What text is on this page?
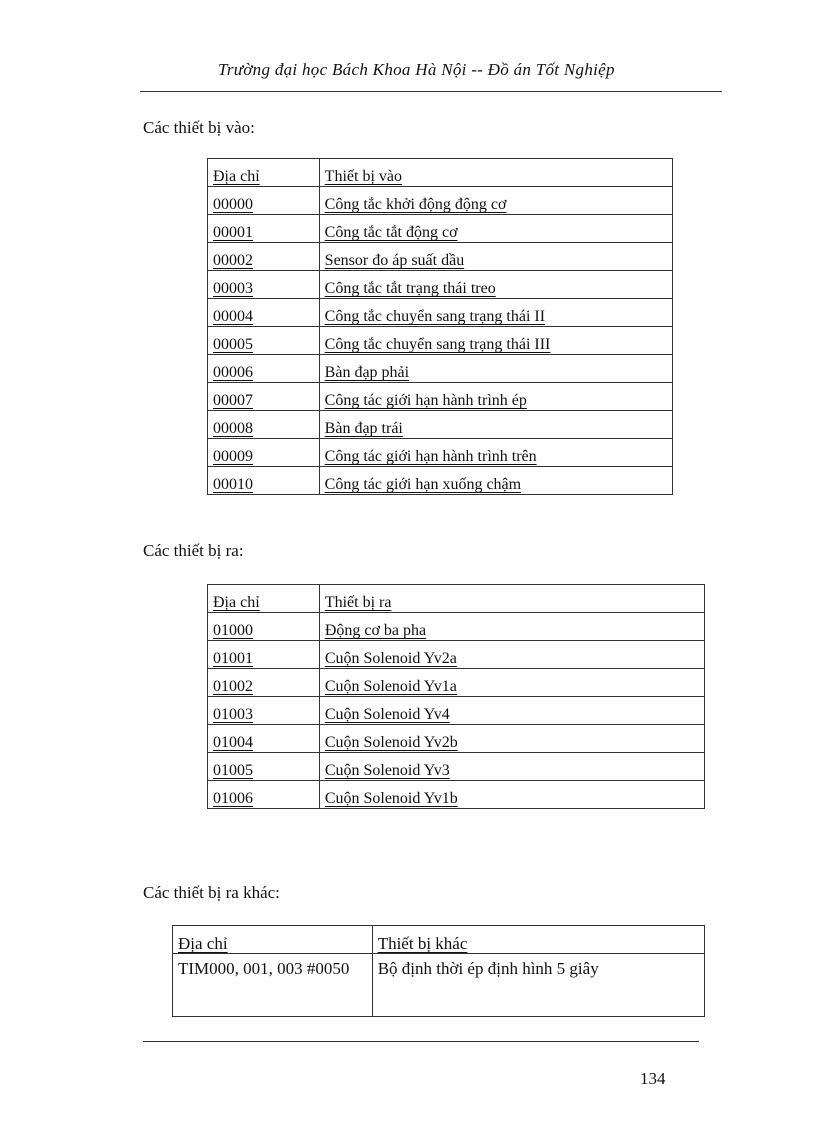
Trường đại học Bách Khoa Hà Nội -- Đồ án Tốt Nghiệp
Các thiết bị vào:
Địa chỉ	Thiết bị vào
00000	Công tắc khởi động động cơ
00001	Công tắc tắt động cơ
00002	Sensor đo áp suất dầu
00003	Công tắc tắt trạng thái treo
00004	Công tắc chuyển sang trạng thái II
00005	Công tắc chuyển sang trạng thái III
00006	Bàn đạp phải
00007	Công tác giới hạn hành trình ép
00008	Bàn đạp trái
00009	Công tác giới hạn hành trình trên
00010	Công tác giới hạn xuống chậm
Các thiết bị ra:
Địa chỉ	Thiết bị ra
01000	Động cơ ba pha
01001	Cuộn Solenoid Yv2a
01002	Cuộn Solenoid Yv1a
01003	Cuộn Solenoid Yv4
01004	Cuộn Solenoid Yv2b
01005	Cuộn Solenoid Yv3
01006	Cuộn Solenoid Yv1b
Các thiết bị ra khác:
Địa chỉ	Thiết bị khác
TIM000, 001, 003 #0050	Bộ định thời ép định hình 5 giây
134
